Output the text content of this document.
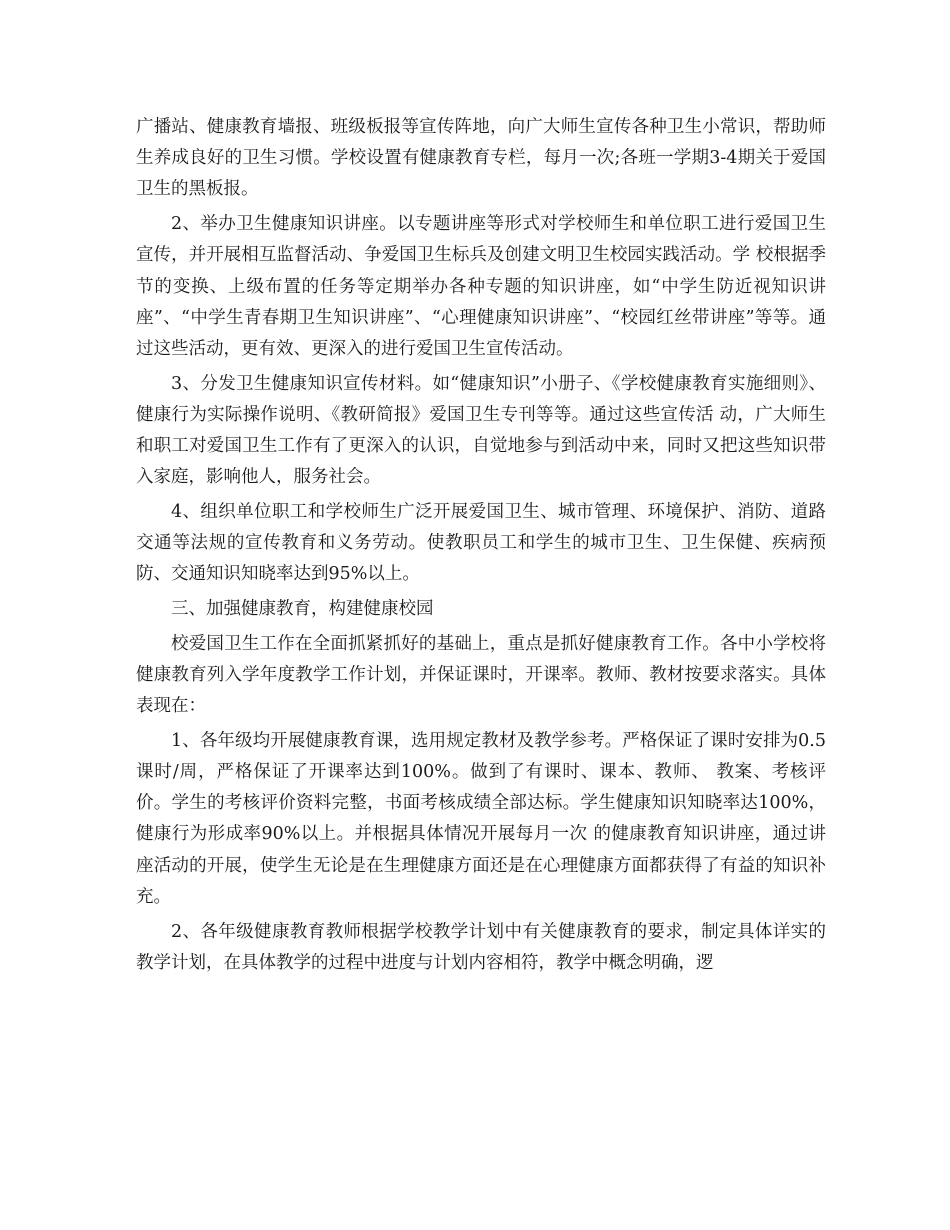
广播站、健康教育墙报、班级板报等宣传阵地，向广大师生宣传各种卫生小常识，帮助师生养成良好的卫生习惯。学校设置有健康教育专栏，每月一次;各班一学期3-4期关于爱国卫生的黑板报。

2、举办卫生健康知识讲座。以专题讲座等形式对学校师生和单位职工进行爱国卫生宣传，并开展相互监督活动、争爱国卫生标兵及创建文明卫生校园实践活动。学 校根据季节的变换、上级布置的任务等定期举办各种专题的知识讲座，如“中学生防近视知识讲座”、“中学生青春期卫生知识讲座”、“心理健康知识讲座”、“校园红丝带讲座”等等。通过这些活动，更有效、更深入的进行爱国卫生宣传活动。

3、分发卫生健康知识宣传材料。如“健康知识”小册子、《学校健康教育实施细则》、健康行为实际操作说明、《教研简报》爱国卫生专刊等等。通过这些宣传活 动，广大师生和职工对爱国卫生工作有了更深入的认识，自觉地参与到活动中来，同时又把这些知识带入家庭，影响他人，服务社会。

4、组织单位职工和学校师生广泛开展爱国卫生、城市管理、环境保护、消防、道路交通等法规的宣传教育和义务劳动。使教职员工和学生的城市卫生、卫生保健、疾病预防、交通知识知晓率达到95%以上。

三、加强健康教育，构建健康校园

校爱国卫生工作在全面抓紧抓好的基础上，重点是抓好健康教育工作。各中小学校将健康教育列入学年度教学工作计划，并保证课时，开课率。教师、教材按要求落实。具体表现在：

1、各年级均开展健康教育课，选用规定教材及教学参考。严格保证了课时安排为0.5课时/周，严格保证了开课率达到100%。做到了有课时、课本、教师、 教案、考核评价。学生的考核评价资料完整，书面考核成绩全部达标。学生健康知识知晓率达100%，健康行为形成率90%以上。并根据具体情况开展每月一次 的健康教育知识讲座，通过讲座活动的开展，使学生无论是在生理健康方面还是在心理健康方面都获得了有益的知识补充。

2、各年级健康教育教师根据学校教学计划中有关健康教育的要求，制定具体详实的教学计划，在具体教学的过程中进度与计划内容相符，教学中概念明确，逻
